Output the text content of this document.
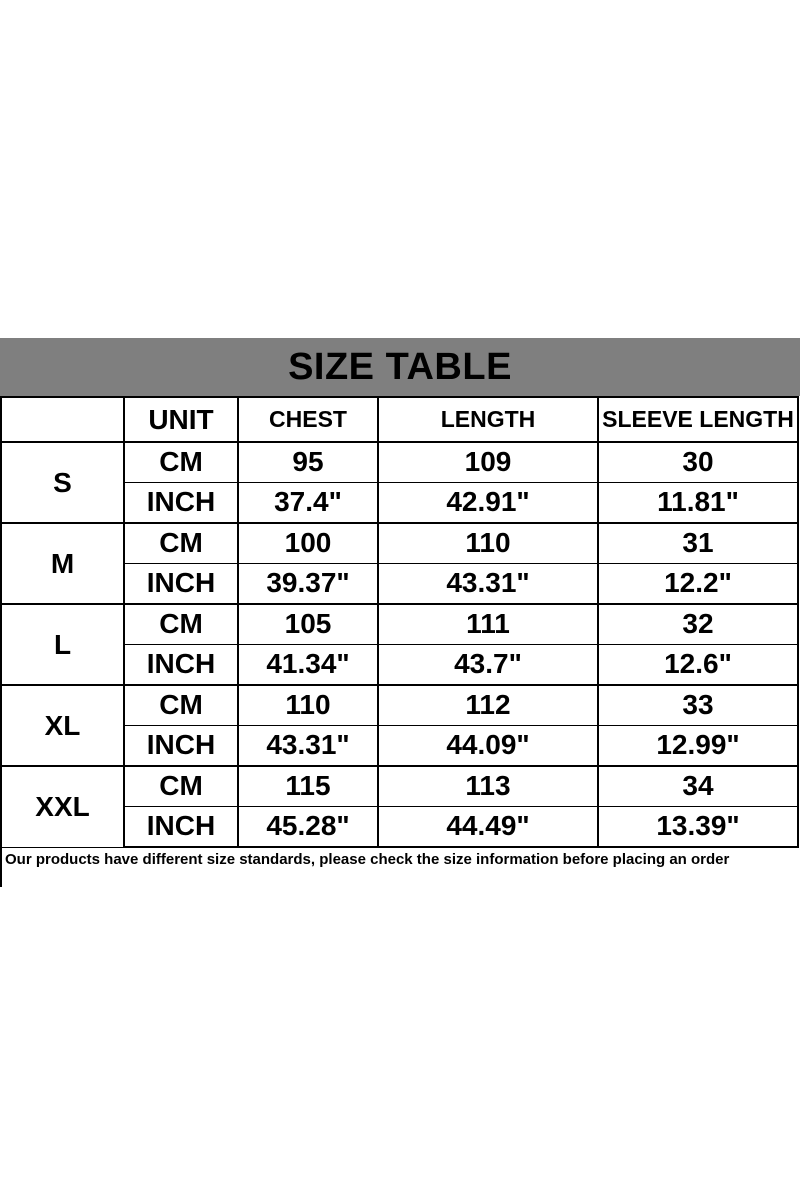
SIZE TABLE
	UNIT	CHEST	LENGTH	SLEEVE LENGTH
S	CM	95	109	30
	INCH	37.4"	42.91"	11.81"
M	CM	100	110	31
	INCH	39.37"	43.31"	12.2"
L	CM	105	111	32
	INCH	41.34"	43.7"	12.6"
XL	CM	110	112	33
	INCH	43.31"	44.09"	12.99"
XXL	CM	115	113	34
	INCH	45.28"	44.49"	13.39"
Our products have different size standards, please check the size information before placing an order
